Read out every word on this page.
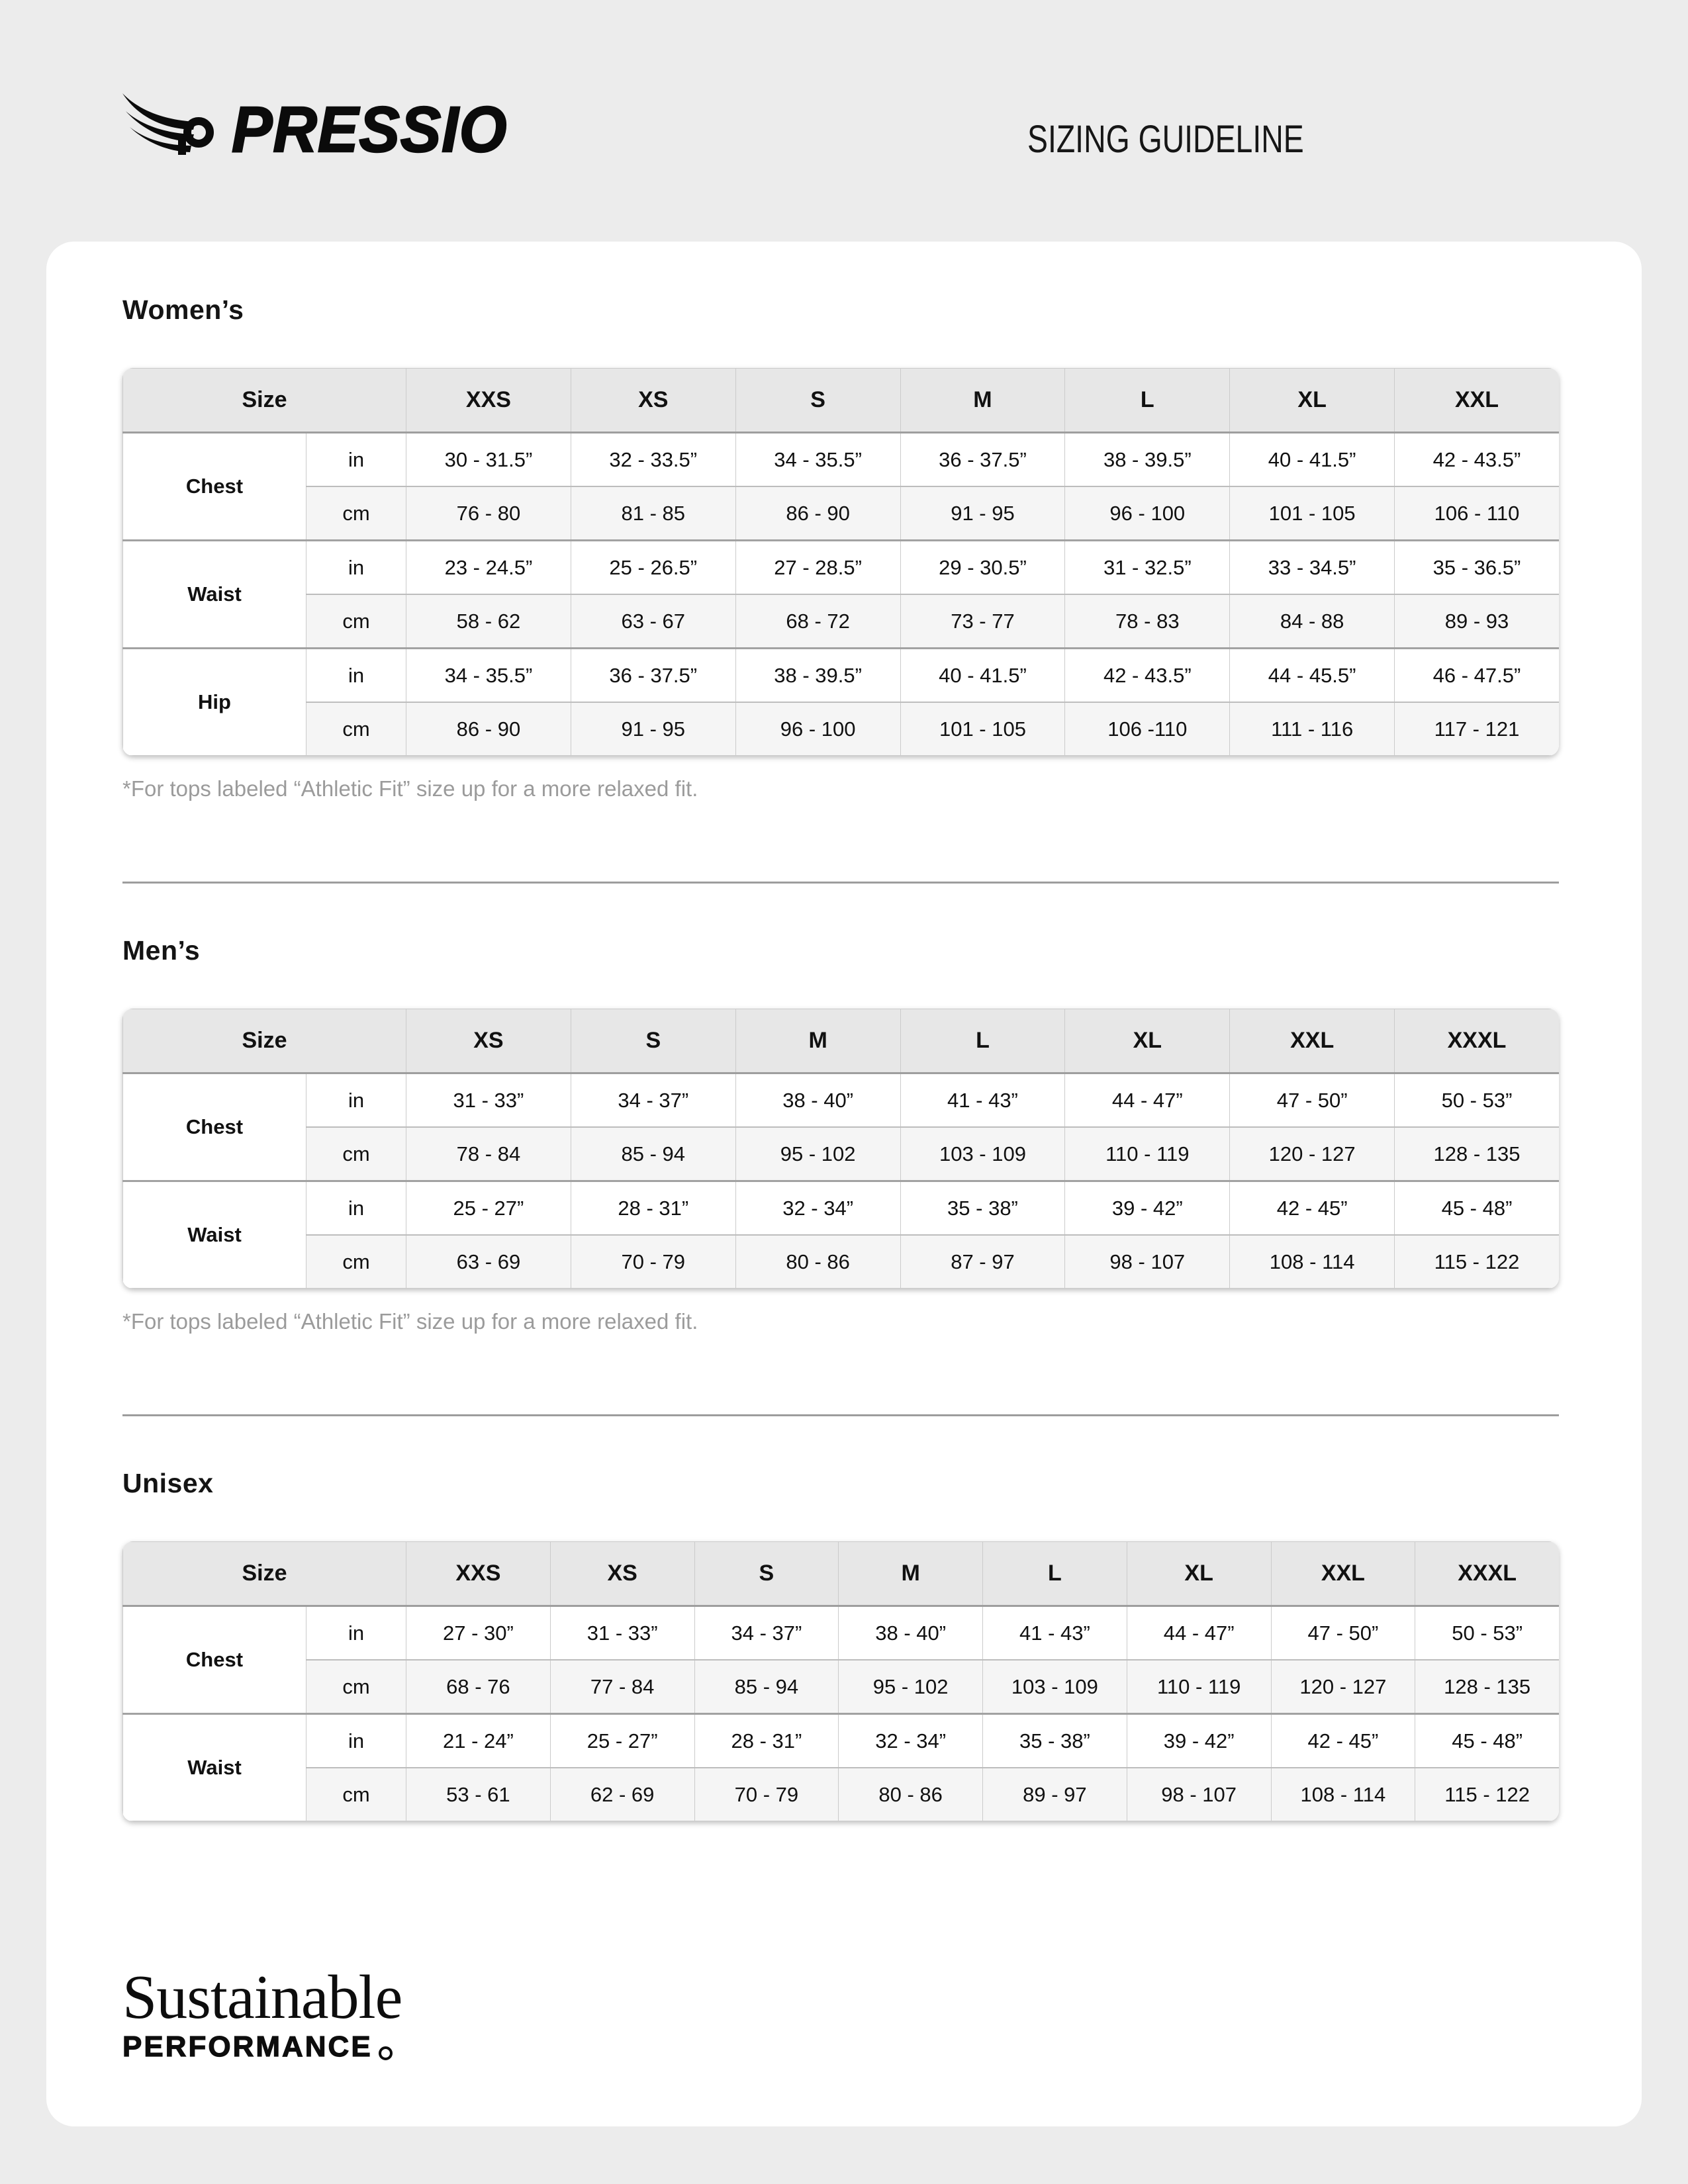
PRESSIO	SIZING GUIDELINE
Women’s
Size		XXS	XS	S	M	L	XL	XXL
Chest	in	30 - 31.5”	32 - 33.5”	34 - 35.5”	36 - 37.5”	38 - 39.5”	40 - 41.5”	42 - 43.5”
	cm	76 - 80	81 - 85	86 - 90	91 - 95	96 - 100	101 - 105	106 - 110
Waist	in	23 - 24.5”	25 - 26.5”	27 - 28.5”	29 - 30.5”	31 - 32.5”	33 - 34.5”	35 - 36.5”
	cm	58 - 62	63 - 67	68 - 72	73 - 77	78 - 83	84 - 88	89 - 93
Hip	in	34 - 35.5”	36 - 37.5”	38 - 39.5”	40 - 41.5”	42 - 43.5”	44 - 45.5”	46 - 47.5”
	cm	86 - 90	91 - 95	96 - 100	101 - 105	106 -110	111 - 116	117 - 121

*For tops labeled “Athletic Fit” size up for a more relaxed fit.

Men’s
Size		XS	S	M	L	XL	XXL	XXXL
Chest	in	31 - 33”	34 - 37”	38 - 40”	41 - 43”	44 - 47”	47 - 50”	50 - 53”
	cm	78 - 84	85 - 94	95 - 102	103 - 109	110 - 119	120 - 127	128 - 135
Waist	in	25 - 27”	28 - 31”	32 - 34”	35 - 38”	39 - 42”	42 - 45”	45 - 48”
	cm	63 - 69	70 - 79	80 - 86	87 - 97	98 - 107	108 - 114	115 - 122

*For tops labeled “Athletic Fit” size up for a more relaxed fit.

Unisex
Size		XXS	XS	S	M	L	XL	XXL	XXXL
Chest	in	27 - 30”	31 - 33”	34 - 37”	38 - 40”	41 - 43”	44 - 47”	47 - 50”	50 - 53”
	cm	68 - 76	77 - 84	85 - 94	95 - 102	103 - 109	110 - 119	120 - 127	128 - 135
Waist	in	21 - 24”	25 - 27”	28 - 31”	32 - 34”	35 - 38”	39 - 42”	42 - 45”	45 - 48”
	cm	53 - 61	62 - 69	70 - 79	80 - 86	89 - 97	98 - 107	108 - 114	115 - 122
Sustainable
PERFORMANCE
